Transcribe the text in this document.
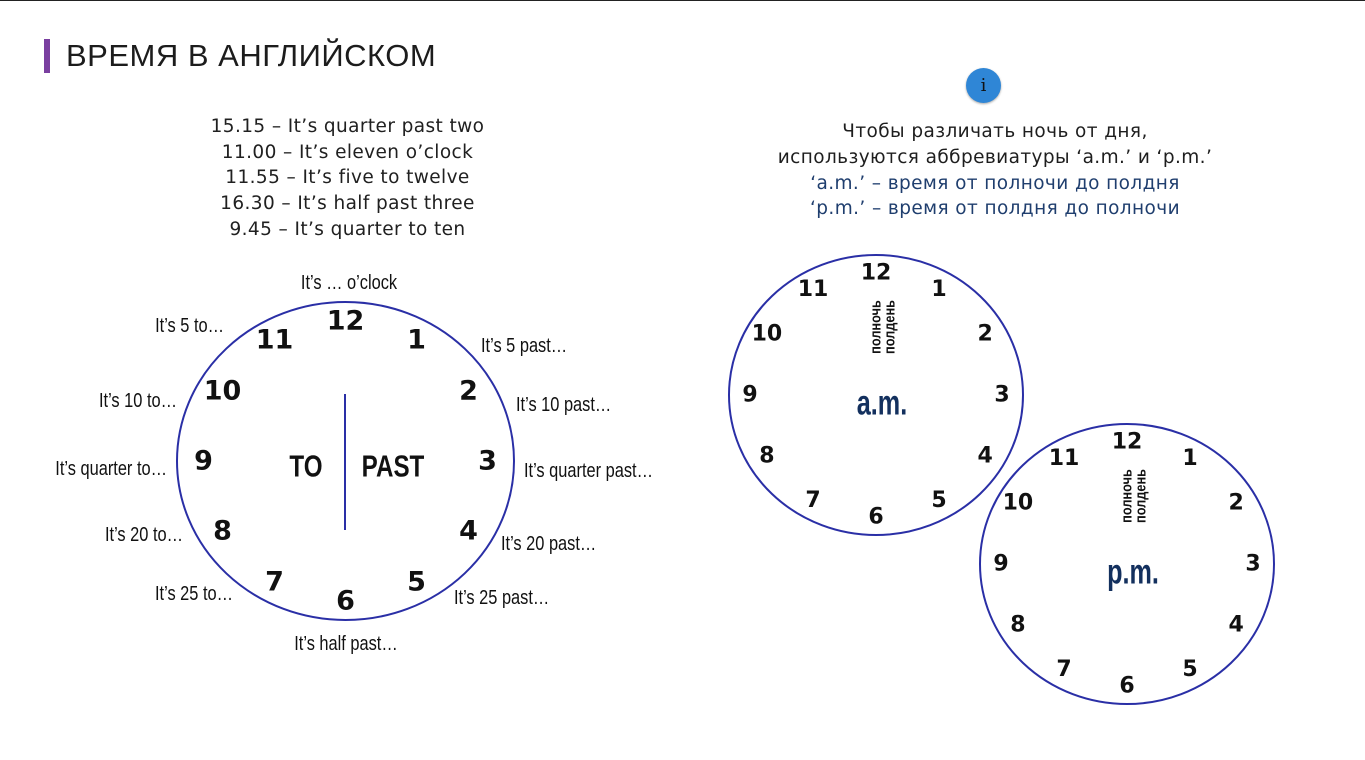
ВРЕМЯ В АНГЛИЙСКОМ
15.15 – It’s quarter past two
11.00 – It’s eleven o’clock
11.55 – It’s five to twelve
16.30 – It’s half past three
9.45 – It’s quarter to ten
i
Чтобы различать ночь от дня,
используются аббревиатуры ‘a.m.’ и ‘p.m.’
‘a.m.’ – время от полночи до полдня
‘p.m.’ – время от полдня до полночи
12
1
2
3
4
5
6
7
8
9
10
11
TO PAST
It’s … o’clock
It’s 5 past…
It’s 10 past…
It’s quarter past…
It’s 20 past…
It’s 25 past…
It’s half past…
It’s 25 to…
It’s 20 to…
It’s quarter to…
It’s 10 to…
It’s 5 to…
12
1
2
3
4
5
6
7
8
9
10
11
a.m.
полночь
полдень
12
1
2
3
4
5
6
7
8
9
10
11
p.m.
полночь
полдень
